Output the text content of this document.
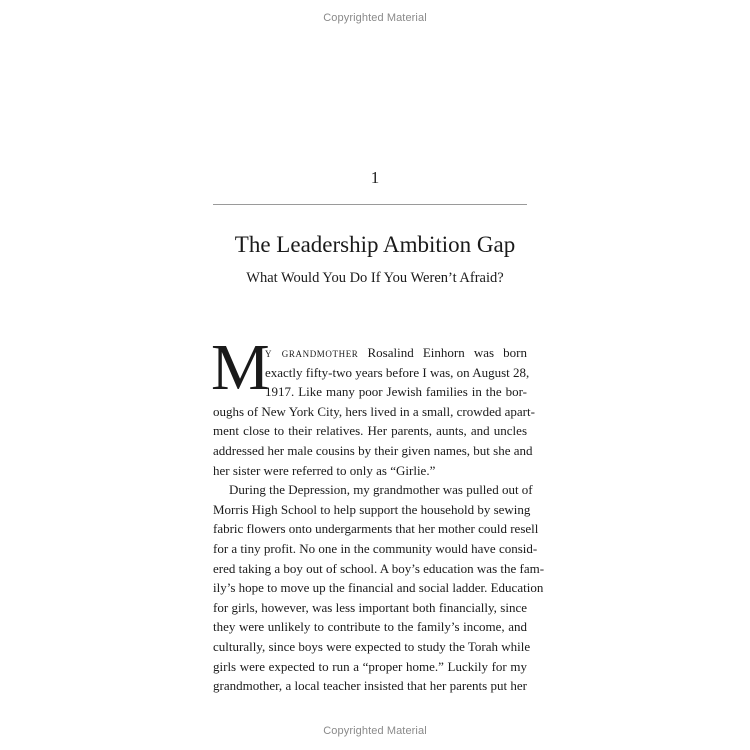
Copyrighted Material
1
The Leadership Ambition Gap
What Would You Do If You Weren’t Afraid?
M
y grandmother Rosalind Einhorn was born
exactly fifty-two years before I was, on August 28,
1917. Like many poor Jewish families in the bor-
oughs of New York City, hers lived in a small, crowded apart-
ment close to their relatives. Her parents, aunts, and uncles
addressed her male cousins by their given names, but she and
her sister were referred to only as “Girlie.”
During the Depression, my grandmother was pulled out of
Morris High School to help support the household by sewing
fabric flowers onto undergarments that her mother could resell
for a tiny profit. No one in the community would have consid-
ered taking a boy out of school. A boy’s education was the fam-
ily’s hope to move up the financial and social ladder. Education
for girls, however, was less important both financially, since
they were unlikely to contribute to the family’s income, and
culturally, since boys were expected to study the Torah while
girls were expected to run a “proper home.” Luckily for my
grandmother, a local teacher insisted that her parents put her
Copyrighted Material
